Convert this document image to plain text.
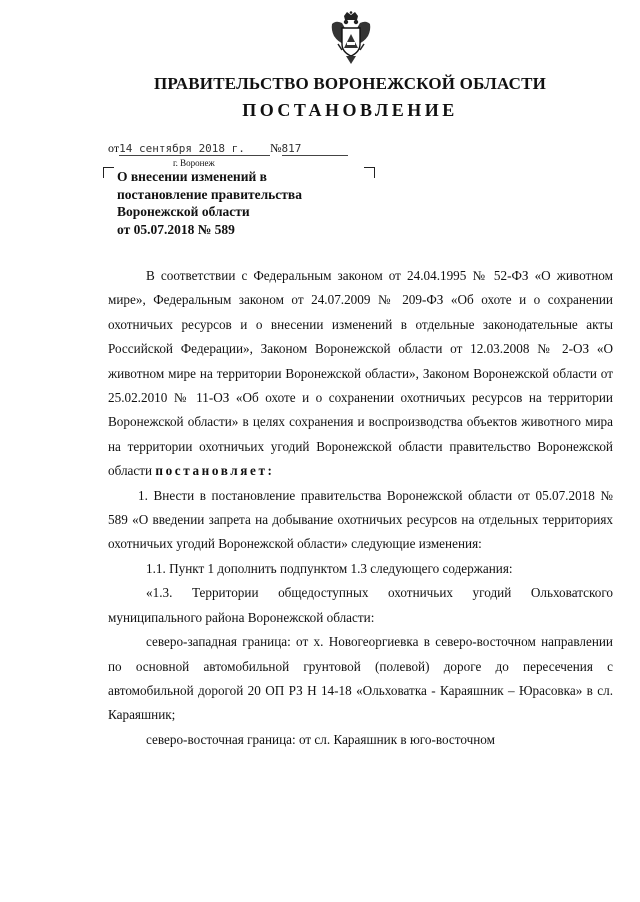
ПРАВИТЕЛЬСТВО ВОРОНЕЖСКОЙ ОБЛАСТИ
ПОСТАНОВЛЕНИЕ
от14 сентября 2018 г. №817
г. Воронеж
О внесении изменений в
постановление правительства
Воронежской области
от 05.07.2018 № 589

В соответствии с Федеральным законом от 24.04.1995 № 52-ФЗ «О животном мире», Федеральным законом от 24.07.2009 № 209-ФЗ «Об охоте и о сохранении охотничьих ресурсов и о внесении изменений в отдельные законодательные акты Российской Федерации», Законом Воронежской области от 12.03.2008 № 2-ОЗ «О животном мире на территории Воронежской области», Законом Воронежской области от 25.02.2010 № 11-ОЗ «Об охоте и о сохранении охотничьих ресурсов на территории Воронежской области» в целях сохранения и воспроизводства объектов животного мира на территории охотничьих угодий Воронежской области правительство Воронежской области постановляет:

1. Внести в постановление правительства Воронежской области от 05.07.2018 № 589 «О введении запрета на добывание охотничьих ресурсов на отдельных территориях охотничьих угодий Воронежской области» следующие изменения:

1.1. Пункт 1 дополнить подпунктом 1.3 следующего содержания:

«1.3. Территории общедоступных охотничьих угодий Ольховатского муниципального района Воронежской области:

северо-западная граница: от х. Новогеоргиевка в северо-восточном направлении по основной автомобильной грунтовой (полевой) дороге до пересечения с автомобильной дорогой 20 ОП РЗ Н 14-18 «Ольховатка - Караяшник – Юрасовка» в сл. Караяшник;

северо-восточная граница: от сл. Караяшник в юго-восточном
